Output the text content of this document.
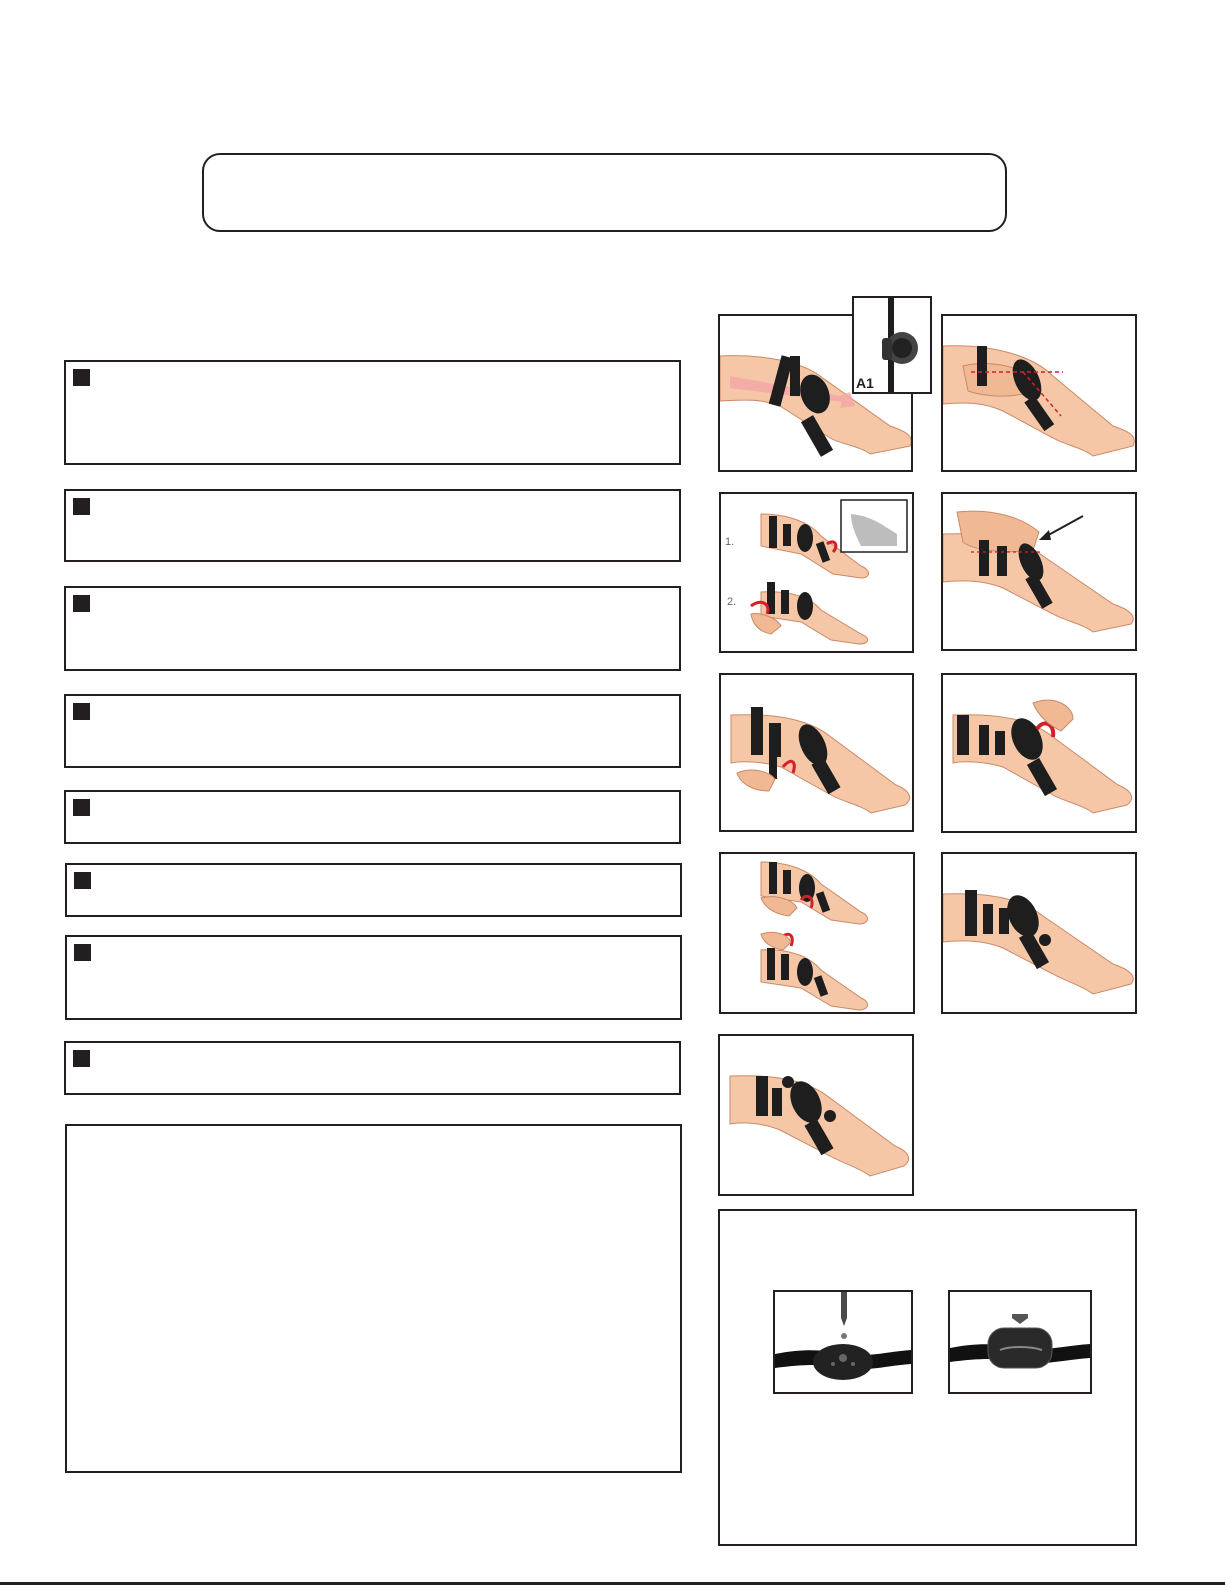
A1
1.
2.
